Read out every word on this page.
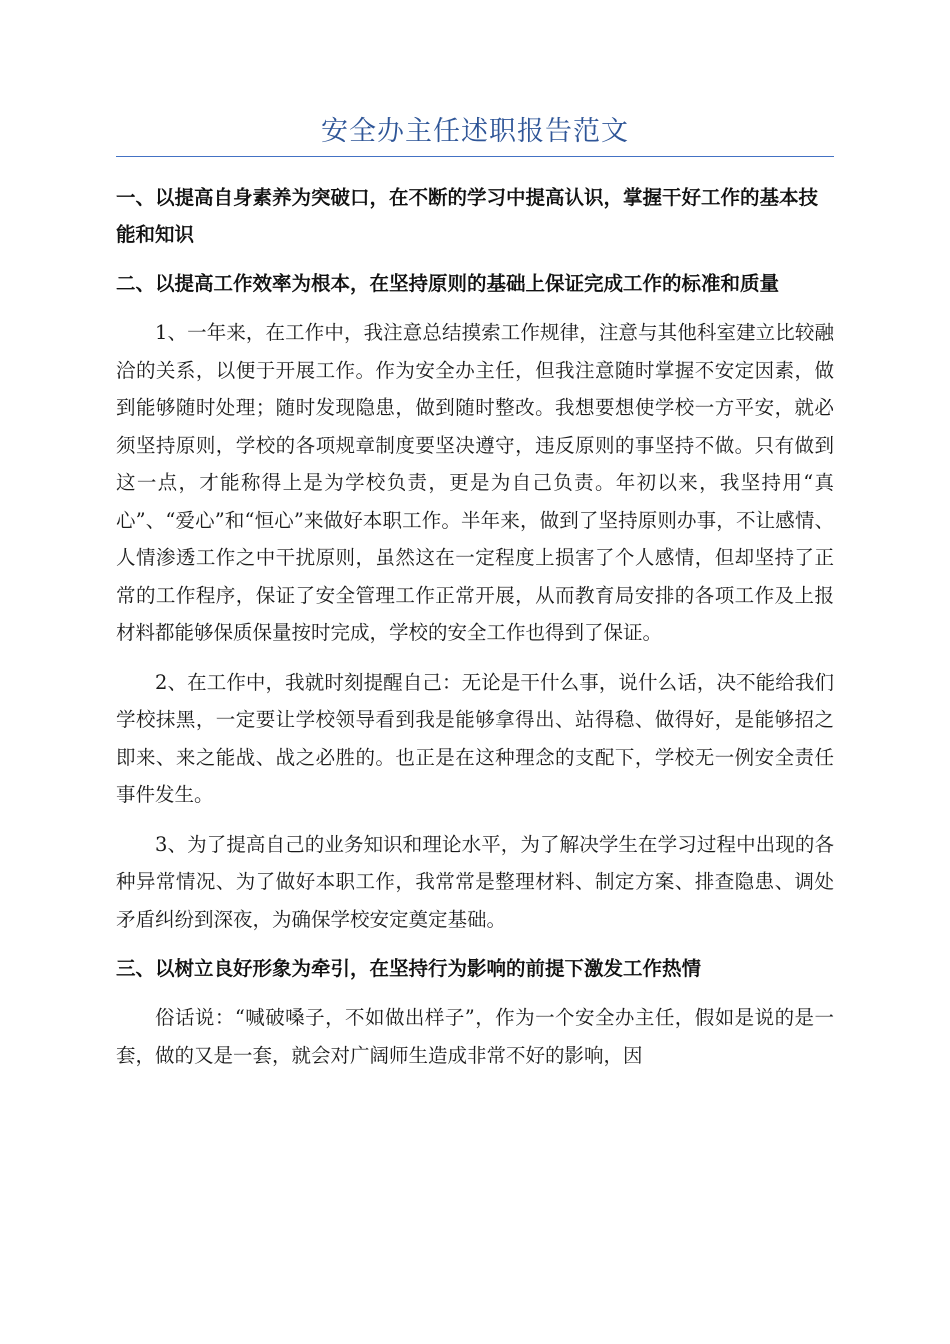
安全办主任述职报告范文
一、以提高自身素养为突破口，在不断的学习中提高认识，掌握干好工作的基本技能和知识
二、以提高工作效率为根本，在坚持原则的基础上保证完成工作的标准和质量

1、一年来，在工作中，我注意总结摸索工作规律，注意与其他科室建立比较融洽的关系，以便于开展工作。作为安全办主任，但我注意随时掌握不安定因素，做到能够随时处理；随时发现隐患，做到随时整改。我想要想使学校一方平安，就必须坚持原则，学校的各项规章制度要坚决遵守，违反原则的事坚持不做。只有做到这一点，才能称得上是为学校负责，更是为自己负责。年初以来，我坚持用“真心”、“爱心”和“恒心”来做好本职工作。半年来，做到了坚持原则办事，不让感情、人情渗透工作之中干扰原则，虽然这在一定程度上损害了个人感情，但却坚持了正常的工作程序，保证了安全管理工作正常开展，从而教育局安排的各项工作及上报材料都能够保质保量按时完成，学校的安全工作也得到了保证。

2、在工作中，我就时刻提醒自己：无论是干什么事，说什么话，决不能给我们学校抹黑，一定要让学校领导看到我是能够拿得出、站得稳、做得好，是能够招之即来、来之能战、战之必胜的。也正是在这种理念的支配下，学校无一例安全责任事件发生。

3、为了提高自己的业务知识和理论水平，为了解决学生在学习过程中出现的各种异常情况、为了做好本职工作，我常常是整理材料、制定方案、排查隐患、调处矛盾纠纷到深夜，为确保学校安定奠定基础。

三、以树立良好形象为牵引，在坚持行为影响的前提下激发工作热情

俗话说：“喊破嗓子，不如做出样子”，作为一个安全办主任，假如是说的是一套，做的又是一套，就会对广阔师生造成非常不好的影响，因
